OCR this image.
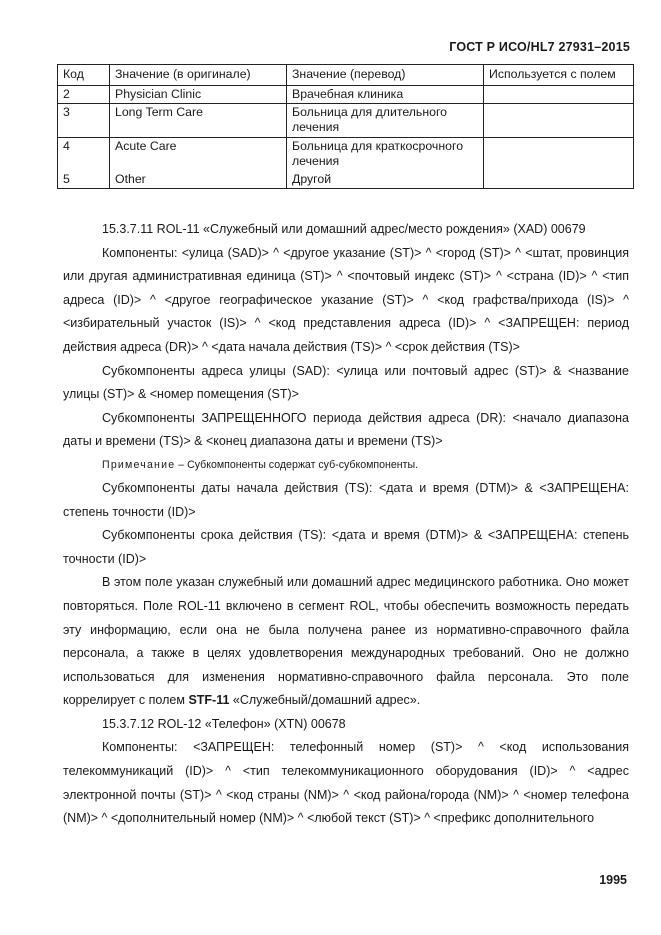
ГОСТ Р ИСО/HL7 27931–2015
Код	Значение (в оригинале)	Значение (перевод)	Используется с полем
2	Physician Clinic	Врачебная клиника	
3	Long Term Care	Больница для длительного лечения	
4	Acute Care	Больница для краткосрочного лечения	
5	Other	Другой	

15.3.7.11 ROL-11 «Служебный или домашний адрес/место рождения» (XAD) 00679

Компоненты: <улица (SAD)> ^ <другое указание (ST)> ^ <город (ST)> ^ <штат, провинция или другая административная единица (ST)> ^ <почтовый индекс (ST)> ^ <страна (ID)> ^ <тип адреса (ID)> ^ <другое географическое указание (ST)> ^ <код графства/прихода (IS)> ^ <избирательный участок (IS)> ^ <код представления адреса (ID)> ^ <ЗАПРЕЩЕН: период действия адреса (DR)> ^ <дата начала действия (TS)> ^ <срок действия (TS)>

Субкомпоненты адреса улицы (SAD): <улица или почтовый адрес (ST)> & <название улицы (ST)> & <номер помещения (ST)>

Субкомпоненты ЗАПРЕЩЕННОГО периода действия адреса (DR): <начало диапазона даты и времени (TS)> & <конец диапазона даты и времени (TS)>

Примечание – Субкомпоненты содержат суб-субкомпоненты.

Субкомпоненты даты начала действия (TS): <дата и время (DTM)> & <ЗАПРЕЩЕНА: степень точности (ID)>

Субкомпоненты срока действия (TS): <дата и время (DTM)> & <ЗАПРЕЩЕНА: степень точности (ID)>

В этом поле указан служебный или домашний адрес медицинского работника. Оно может повторяться. Поле ROL-11 включено в сегмент ROL, чтобы обеспечить возможность передать эту информацию, если она не была получена ранее из нормативно-справочного файла персонала, а также в целях удовлетворения международных требований. Оно не должно использоваться для изменения нормативно-справочного файла персонала. Это поле коррелирует с полем STF-11 «Служебный/домашний адрес».

15.3.7.12 ROL-12 «Телефон» (XTN) 00678

Компоненты: <ЗАПРЕЩЕН: телефонный номер (ST)> ^ <код использования телекоммуникаций (ID)> ^ <тип телекоммуникационного оборудования (ID)> ^ <адрес электронной почты (ST)> ^ <код страны (NM)> ^ <код района/города (NM)> ^ <номер телефона (NM)> ^ <дополнительный номер (NM)> ^ <любой текст (ST)> ^ <префикс дополнительного

1995
